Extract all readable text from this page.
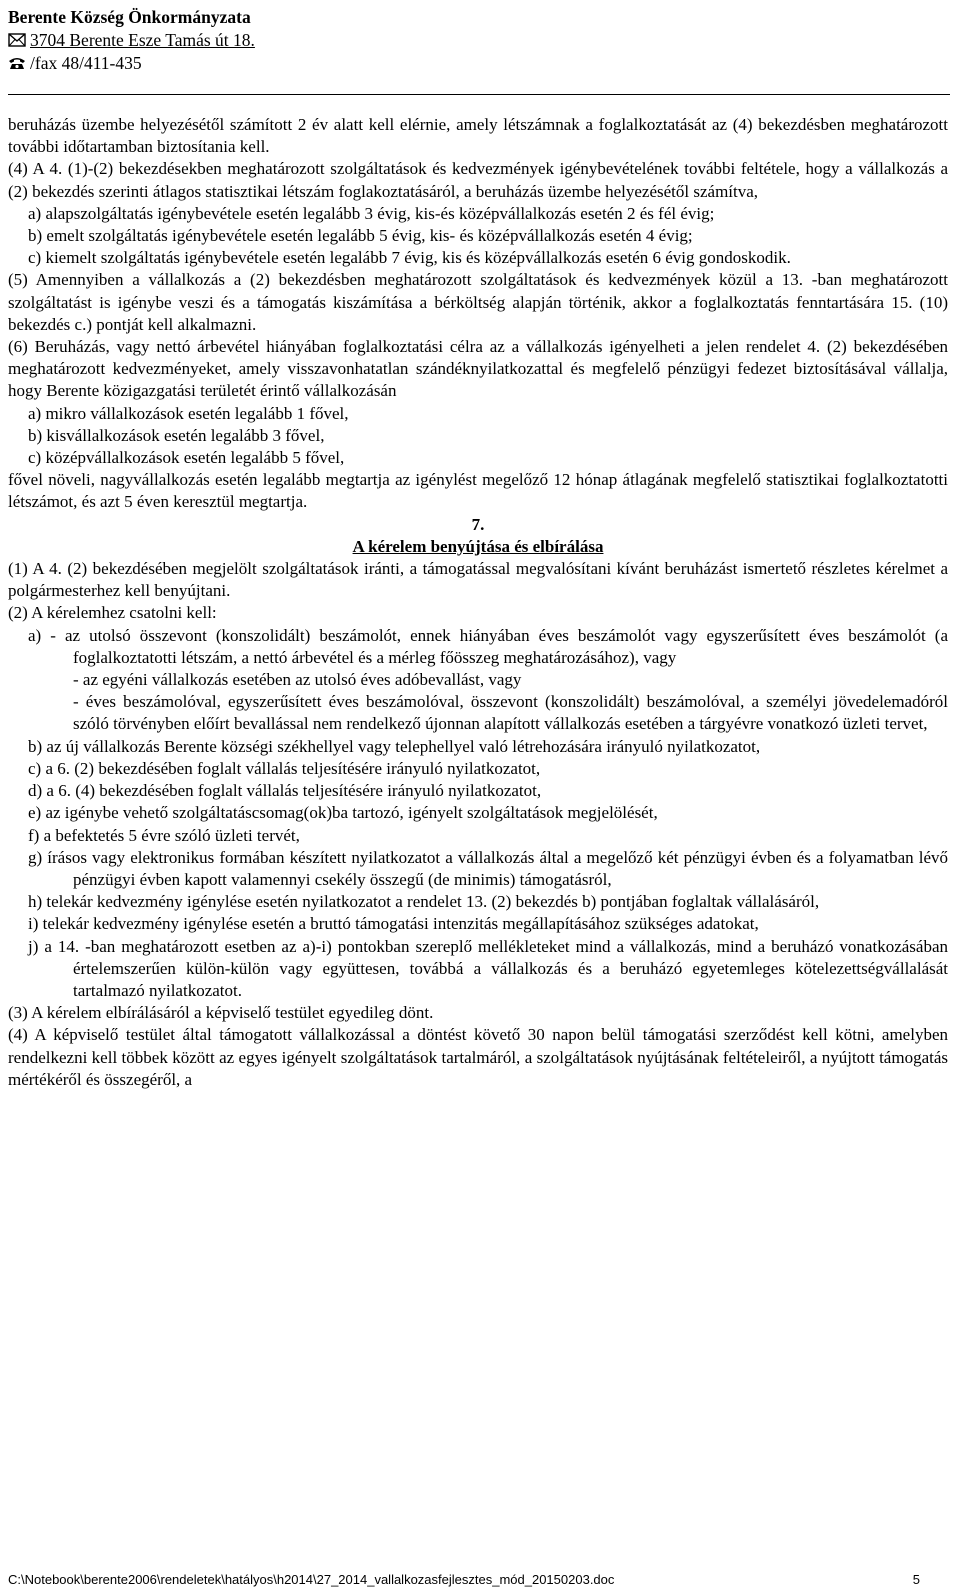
Berente Község Önkormányzata
3704 Berente Esze Tamás út 18.
/fax 48/411-435

beruházás üzembe helyezésétől számított 2 év alatt kell elérnie, amely létszámnak a foglalkoztatását az (4) bekezdésben meghatározott további időtartamban biztosítania kell.

(4) A 4. (1)-(2) bekezdésekben meghatározott szolgáltatások és kedvezmények igénybevételének további feltétele, hogy a vállalkozás a (2) bekezdés szerinti átlagos statisztikai létszám foglakoztatásáról, a beruházás üzembe helyezésétől számítva,

a) alapszolgáltatás igénybevétele esetén legalább 3 évig, kis-és középvállalkozás esetén 2 és fél évig;

b) emelt szolgáltatás igénybevétele esetén legalább 5 évig, kis- és középvállalkozás esetén 4 évig;

c) kiemelt szolgáltatás igénybevétele esetén legalább 7 évig, kis és középvállalkozás esetén 6 évig gondoskodik.

(5) Amennyiben a vállalkozás a (2) bekezdésben meghatározott szolgáltatások és kedvezmények közül a 13. -ban meghatározott szolgáltatást is igénybe veszi és a támogatás kiszámítása a bérköltség alapján történik, akkor a foglalkoztatás fenntartására 15. (10) bekezdés c.) pontját kell alkalmazni.

(6) Beruházás, vagy nettó árbevétel hiányában foglalkoztatási célra az a vállalkozás igényelheti a jelen rendelet 4. (2) bekezdésében meghatározott kedvezményeket, amely visszavonhatatlan szándéknyilatkozattal és megfelelő pénzügyi fedezet biztosításával vállalja, hogy Berente közigazgatási területét érintő vállalkozásán

a) mikro vállalkozások esetén legalább 1 fővel,

b) kisvállalkozások esetén legalább 3 fővel,

c) középvállalkozások esetén legalább 5 fővel,

fővel növeli, nagyvállalkozás esetén legalább megtartja az igénylést megelőző 12 hónap átlagának megfelelő statisztikai foglalkoztatotti létszámot, és azt 5 éven keresztül megtartja.

7.

A kérelem benyújtása és elbírálása

(1) A 4. (2) bekezdésében megjelölt szolgáltatások iránti, a támogatással megvalósítani kívánt beruházást ismertető részletes kérelmet a polgármesterhez kell benyújtani.

(2) A kérelemhez csatolni kell:

a) - az utolsó összevont (konszolidált) beszámolót, ennek hiányában éves beszámolót vagy egyszerűsített éves beszámolót (a foglalkoztatotti létszám, a nettó árbevétel és a mérleg főösszeg meghatározásához), vagy

- az egyéni vállalkozás esetében az utolsó éves adóbevallást, vagy

- éves beszámolóval, egyszerűsített éves beszámolóval, összevont (konszolidált) beszámolóval, a személyi jövedelemadóról szóló törvényben előírt bevallással nem rendelkező újonnan alapított vállalkozás esetében a tárgyévre vonatkozó üzleti tervet,

b) az új vállalkozás Berente községi székhellyel vagy telephellyel való létrehozására irányuló nyilatkozatot,

c) a 6. (2) bekezdésében foglalt vállalás teljesítésére irányuló nyilatkozatot,

d) a 6. (4) bekezdésében foglalt vállalás teljesítésére irányuló nyilatkozatot,

e) az igénybe vehető szolgáltatáscsomag(ok)ba tartozó, igényelt szolgáltatások megjelölését,

f) a befektetés 5 évre szóló üzleti tervét,

g) írásos vagy elektronikus formában készített nyilatkozatot a vállalkozás által a megelőző két pénzügyi évben és a folyamatban lévő pénzügyi évben kapott valamennyi csekély összegű (de minimis) támogatásról,

h) telekár kedvezmény igénylése esetén nyilatkozatot a rendelet 13. (2) bekezdés b) pontjában foglaltak vállalásáról,

i) telekár kedvezmény igénylése esetén a bruttó támogatási intenzitás megállapításához szükséges adatokat,

j) a 14. -ban meghatározott esetben az a)-i) pontokban szereplő mellékleteket mind a vállalkozás, mind a beruházó vonatkozásában értelemszerűen külön-külön vagy együttesen, továbbá a vállalkozás és a beruházó egyetemleges kötelezettségvállalását tartalmazó nyilatkozatot.

(3) A kérelem elbírálásáról a képviselő testület egyedileg dönt.

(4) A képviselő testület által támogatott vállalkozással a döntést követő 30 napon belül támogatási szerződést kell kötni, amelyben rendelkezni kell többek között az egyes igényelt szolgáltatások tartalmáról, a szolgáltatások nyújtásának feltételeiről, a nyújtott támogatás mértékéről és összegéről, a

C:\Notebook\berente2006\rendeletek\hatályos\h2014\27_2014_vallalkozasfejlesztes_mód_20150203.doc	5
